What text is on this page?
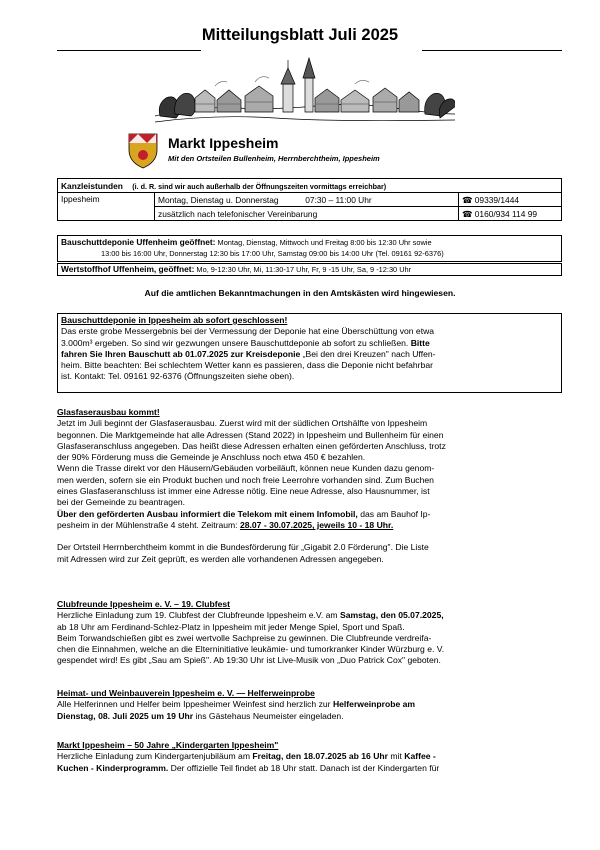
Mitteilungsblatt Juli 2025
Markt Ippesheim
Mit den Ortsteilen Bullenheim, Herrnberchtheim, Ippesheim
Kanzleistunden (i. d. R. sind wir auch außerhalb der Öffnungszeiten vormittags erreichbar)		
Ippesheim	Montag, Dienstag u. Donnerstag 07:30 – 11:00 Uhr	☎ 09339/1444
	zusätzlich nach telefonischer Vereinbarung	☎ 0160/934 114 99
Bauschuttdeponie Uffenheim geöffnet: Montag, Dienstag, Mittwoch und Freitag 8:00 bis 12:30 Uhr sowie
13:00 bis 16:00 Uhr, Donnerstag 12:30 bis 17:00 Uhr, Samstag 09:00 bis 14:00 Uhr (Tel. 09161 92-6376)
Wertstoffhof Uffenheim, geöffnet: Mo, 9-12:30 Uhr, Mi, 11:30-17 Uhr, Fr, 9 -15 Uhr, Sa, 9 -12:30 Uhr
Auf die amtlichen Bekanntmachungen in den Amtskästen wird hingewiesen.

Bauschuttdeponie in Ippesheim ab sofort geschlossen!

Das erste grobe Messergebnis bei der Vermessung der Deponie hat eine Überschüttung von etwa

3.000m³ ergeben. So sind wir gezwungen unsere Bauschuttdeponie ab sofort zu schließen. Bitte

fahren Sie Ihren Bauschutt ab 01.07.2025 zur Kreisdeponie „Bei den drei Kreuzen" nach Uffen-

heim. Bitte beachten: Bei schlechtem Wetter kann es passieren, dass die Deponie nicht befahrbar

ist. Kontakt: Tel. 09161 92-6376 (Öffnungszeiten siehe oben).

Glasfaserausbau kommt!

Jetzt im Juli beginnt der Glasfaserausbau. Zuerst wird mit der südlichen Ortshälfte von Ippesheim

begonnen. Die Marktgemeinde hat alle Adressen (Stand 2022) in Ippesheim und Bullenheim für einen

Glasfaseranschluss angegeben. Das heißt diese Adressen erhalten einen geförderten Anschluss, trotz

der 90% Förderung muss die Gemeinde je Anschluss noch etwa 450 € bezahlen.

Wenn die Trasse direkt vor den Häusern/Gebäuden vorbeiläuft, können neue Kunden dazu genom-

men werden, sofern sie ein Produkt buchen und noch freie Leerrohre vorhanden sind. Zum Buchen

eines Glasfaseranschluss ist immer eine Adresse nötig. Eine neue Adresse, also Hausnummer, ist

bei der Gemeinde zu beantragen.

Über den geförderten Ausbau informiert die Telekom mit einem Infomobil, das am Bauhof Ip-

pesheim in der Mühlenstraße 4 steht. Zeitraum: 28.07 - 30.07.2025, jeweils 10 - 18 Uhr.

Der Ortsteil Herrnberchtheim kommt in die Bundesförderung für „Gigabit 2.0 Förderung". Die Liste

mit Adressen wird zur Zeit geprüft, es werden alle vorhandenen Adressen angegeben.

Clubfreunde Ippesheim e. V. – 19. Clubfest

Herzliche Einladung zum 19. Clubfest der Clubfreunde Ippesheim e.V. am Samstag, den 05.07.2025,

ab 18 Uhr am Ferdinand-Schlez-Platz in Ippesheim mit jeder Menge Spiel, Sport und Spaß.

Beim Torwandschießen gibt es zwei wertvolle Sachpreise zu gewinnen. Die Clubfreunde verdreifa-

chen die Einnahmen, welche an die Elterninitiative leukämie- und tumorkranker Kinder Würzburg e. V.

gespendet wird! Es gibt „Sau am Spieß". Ab 19:30 Uhr ist Live-Musik von „Duo Patrick Cox" geboten.

Heimat- und Weinbauverein Ippesheim e. V. — Helferweinprobe

Alle Helferinnen und Helfer beim Ippesheimer Weinfest sind herzlich zur Helferweinprobe am

Dienstag, 08. Juli 2025 um 19 Uhr ins Gästehaus Neumeister eingeladen.

Markt Ippesheim – 50 Jahre „Kindergarten Ippesheim"

Herzliche Einladung zum Kindergartenjubiläum am Freitag, den 18.07.2025 ab 16 Uhr mit Kaffee -

Kuchen - Kinderprogramm. Der offizielle Teil findet ab 18 Uhr statt. Danach ist der Kindergarten für
